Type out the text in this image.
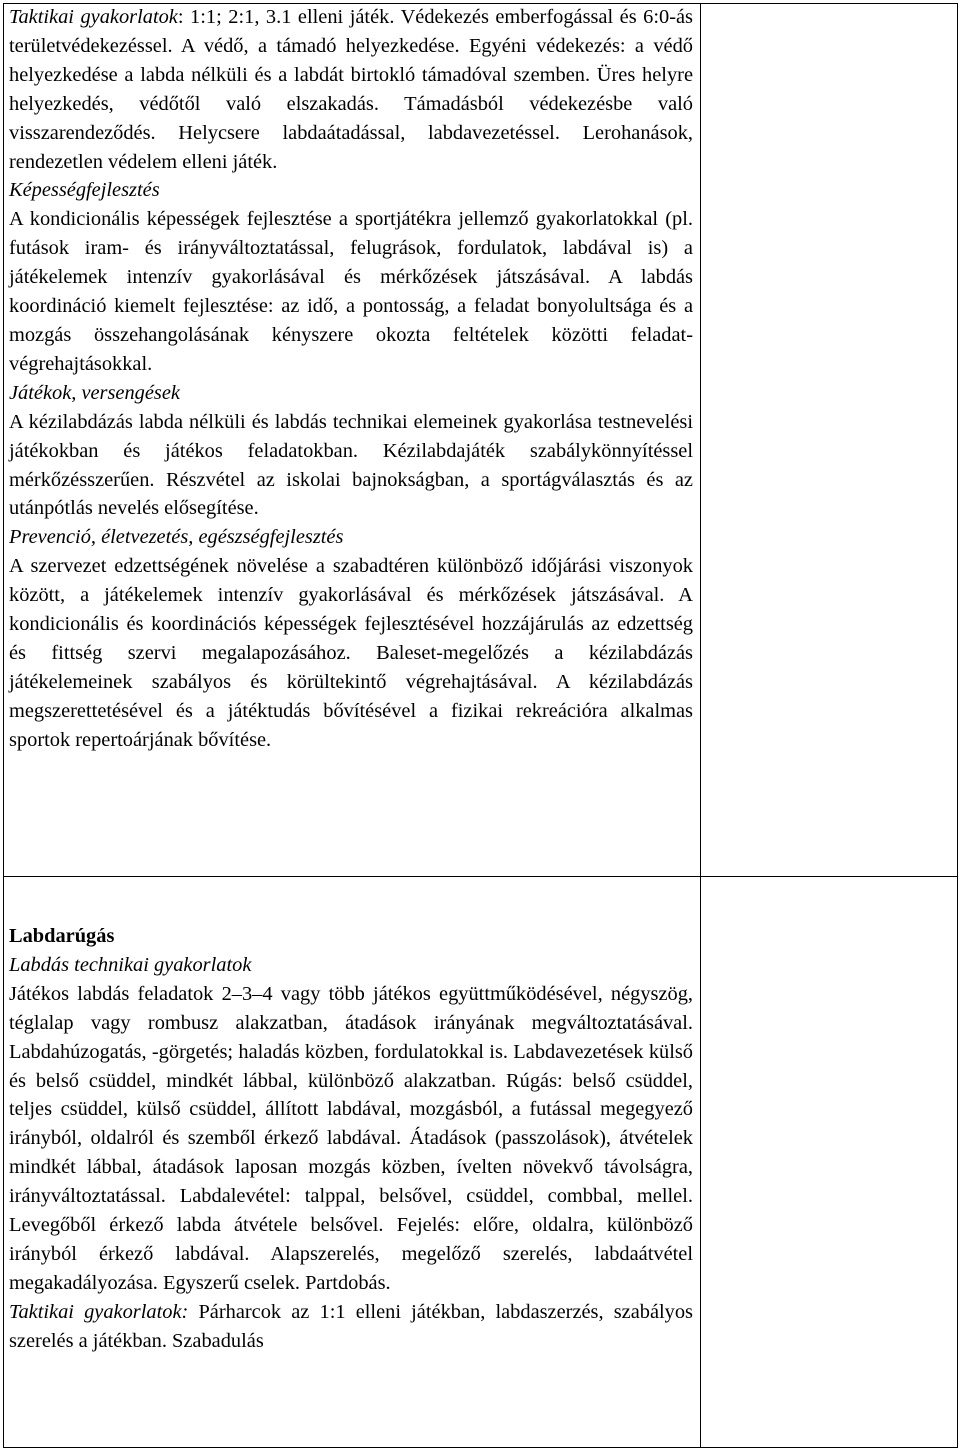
Taktikai gyakorlatok: 1:1; 2:1, 3.1 elleni játék. Védekezés emberfogással és 6:0-ás területvédekezéssel. A védő, a támadó helyezkedése. Egyéni védekezés: a védő helyezkedése a labda nélküli és a labdát birtokló támadóval szemben. Üres helyre helyezkedés, védőtől való elszakadás. Támadásból védekezésbe való visszarendeződés. Helycsere labdaátadással, labdavezetéssel. Lerohanások, rendezetlen védelem elleni játék.

Képességfejlesztés

A kondicionális képességek fejlesztése a sportjátékra jellemző gyakorlatokkal (pl. futások iram- és irányváltoztatással, felugrások, fordulatok, labdával is) a játékelemek intenzív gyakorlásával és mérkőzések játszásával. A labdás koordináció kiemelt fejlesztése: az idő, a pontosság, a feladat bonyolultsága és a mozgás összehangolásának kényszere okozta feltételek közötti feladat-végrehajtásokkal.

Játékok, versengések

A kézilabdázás labda nélküli és labdás technikai elemeinek gyakorlása testnevelési játékokban és játékos feladatokban. Kézilabdajáték szabálykönnyítéssel mérkőzésszerűen. Részvétel az iskolai bajnokságban, a sportágválasztás és az utánpótlás nevelés elősegítése.

Prevenció, életvezetés, egészségfejlesztés

A szervezet edzettségének növelése a szabadtéren különböző időjárási viszonyok között, a játékelemek intenzív gyakorlásával és mérkőzések játszásával. A kondicionális és koordinációs képességek fejlesztésével hozzájárulás az edzettség és fittség szervi megalapozásához. Baleset-megelőzés a kézilabdázás játékelemeinek szabályos és körültekintő végrehajtásával. A kézilabdázás megszerettetésével és a játéktudás bővítésével a fizikai rekreációra alkalmas sportok repertoárjának bővítése.

Labdarúgás

Labdás technikai gyakorlatok

Játékos labdás feladatok 2‒3‒4 vagy több játékos együttműködésével, négyszög, téglalap vagy rombusz alakzatban, átadások irányának megváltoztatásával. Labdahúzogatás, -görgetés; haladás közben, fordulatokkal is. Labdavezetések külső és belső csüddel, mindkét lábbal, különböző alakzatban. Rúgás: belső csüddel, teljes csüddel, külső csüddel, állított labdával, mozgásból, a futással megegyező irányból, oldalról és szemből érkező labdával. Átadások (passzolások), átvételek mindkét lábbal, átadások laposan mozgás közben, ívelten növekvő távolságra, irányváltoztatással. Labdalevétel: talppal, belsővel, csüddel, combbal, mellel. Levegőből érkező labda átvétele belsővel. Fejelés: előre, oldalra, különböző irányból érkező labdával. Alapszerelés, megelőző szerelés, labdaátvétel megakadályozása. Egyszerű cselek. Partdobás.

Taktikai gyakorlatok: Párharcok az 1:1 elleni játékban, labdaszerzés, szabályos szerelés a játékban. Szabadulás
